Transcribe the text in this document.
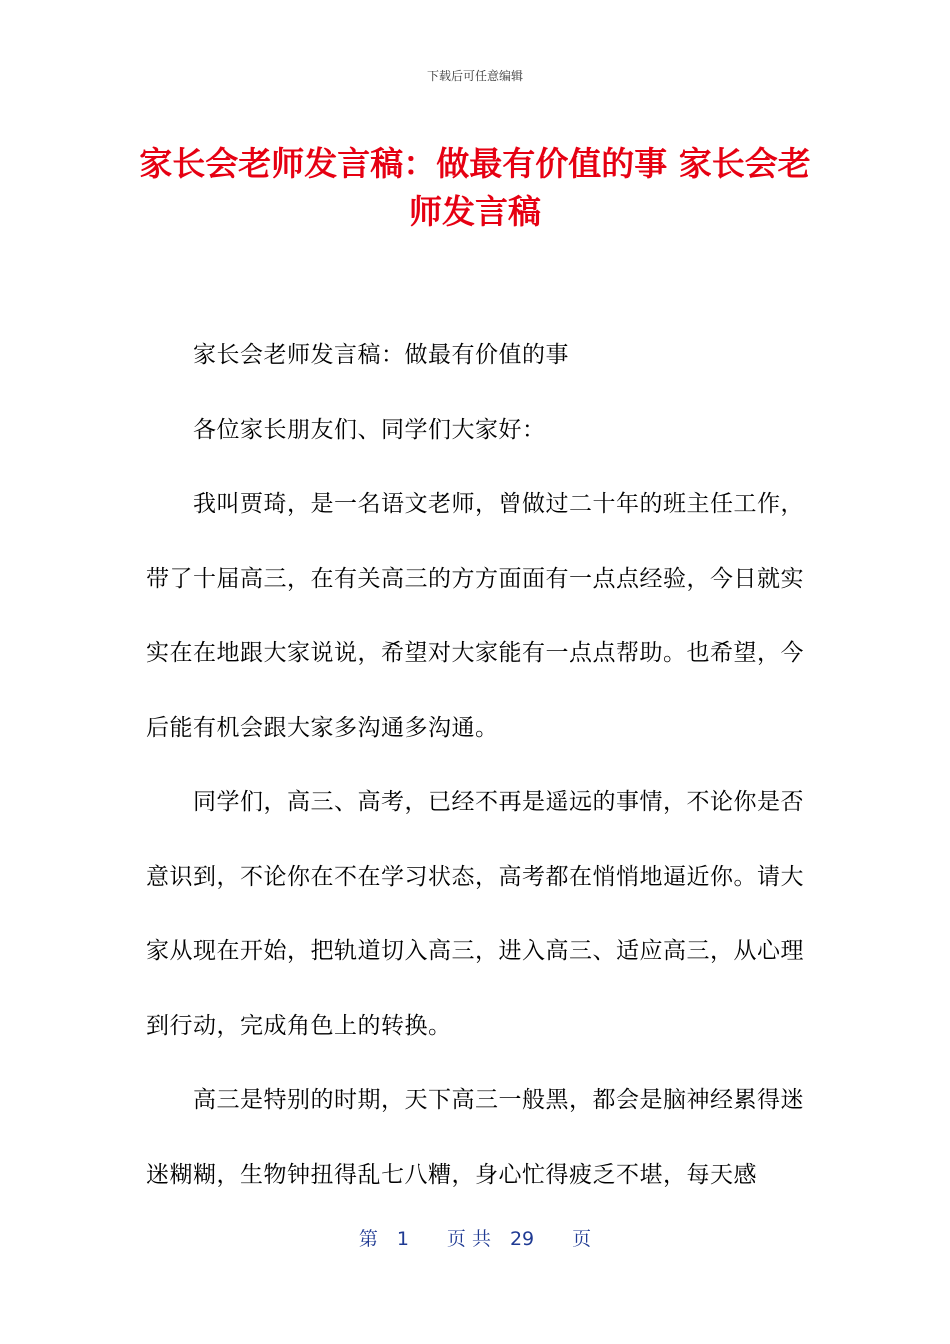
下载后可任意编辑
家长会老师发言稿：做最有价值的事 家长会老师发言稿

家长会老师发言稿：做最有价值的事

各位家长朋友们、同学们大家好：

我叫贾琦，是一名语文老师，曾做过二十年的班主任工作，带了十届高三，在有关高三的方方面面有一点点经验，今日就实实在在地跟大家说说，希望对大家能有一点点帮助。也希望，今后能有机会跟大家多沟通多沟通。

同学们，高三、高考，已经不再是遥远的事情，不论你是否意识到，不论你在不在学习状态，高考都在悄悄地逼近你。请大家从现在开始，把轨道切入高三，进入高三、适应高三，从心理到行动，完成角色上的转换。

高三是特别的时期，天下高三一般黑，都会是脑神经累得迷迷糊糊，生物钟扭得乱七八糟，身心忙得疲乏不堪，每天感

第　1　　页 共　29　　页
